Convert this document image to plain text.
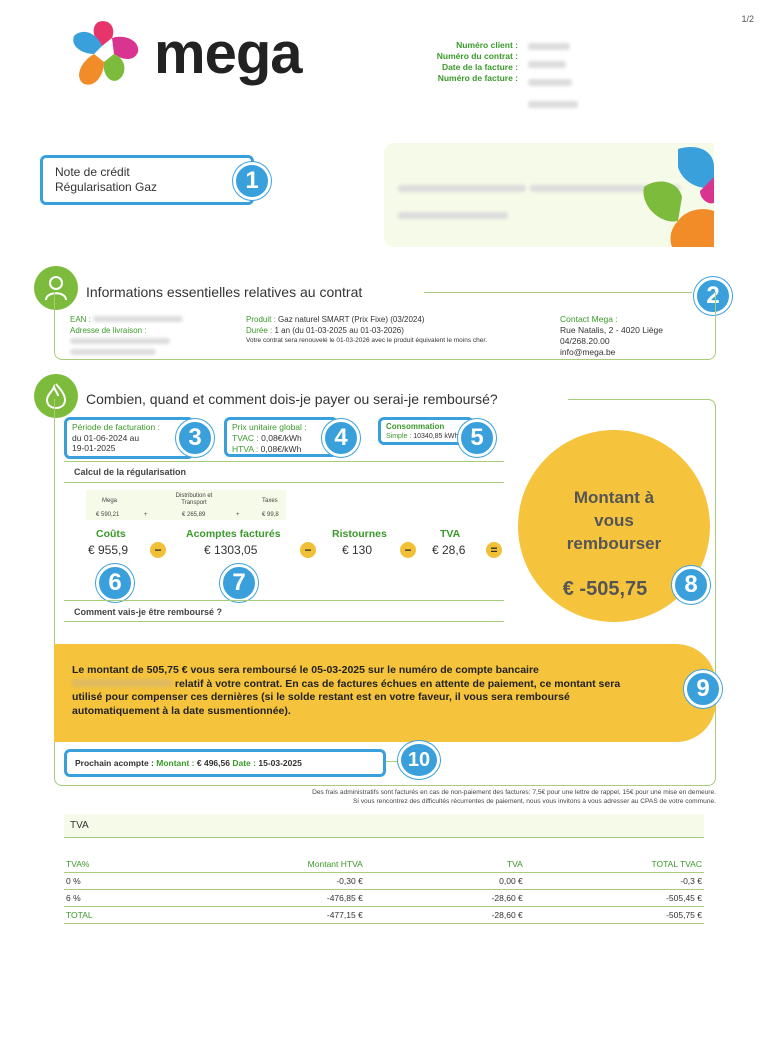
1/2
mega	Numéro client :
Numéro du contrat :
Date de la facture :
Numéro de facture :

Note de crédit
Régularisation Gaz	1

Informations essentielles relatives au contrat	2
EAN :
Adresse de livraison :
Produit : Gaz naturel SMART (Prix Fixe) (03/2024)
Durée : 1 an (du 01-03-2025 au 01-03-2026)
Votre contrat sera renouvelé le 01-03-2026 avec le produit équivalent le moins cher.
Contact Mega :
Rue Natalis, 2 - 4020 Liège
04/268.20.00
info@mega.be
Combien, quand et comment dois-je payer ou serai-je remboursé?
Période de facturation :
du 01-06-2024 au
19-01-2025	3	Prix unitaire global :
TVAC : 0,08€/kWh
HTVA : 0,08€/kWh	4	Consommation
Simple : 10340,85 kWh 5
Calcul de la régularisation
Mega
Distribution et Transport	Taxes
€ 590,21	+	€ 265,89	+	€ 99,8
Coûts
€ 955,9	−
Acomptes facturés
€ 1303,05	−
Ristournes
€ 130	−
TVA
€ 28,6	=
6	7
Comment vais-je être remboursé ?
Montant à vous rembourser
€ -505,75	8
Le montant de 505,75 € vous sera remboursé le 05-03-2025 sur le numéro de compte bancaire
relatif à votre contrat. En cas de factures échues en attente de paiement, ce montant sera utilisé pour compenser ces dernières (si le solde restant est en votre faveur, il vous sera remboursé automatiquement à la date susmentionnée).
9
Prochain acompte : Montant : € 496,56 Date : 15-03-2025	10
Des frais administratifs sont facturés en cas de non-paiement des factures: 7,5€ pour une lettre de rappel, 15€ pour une mise en demeure.
Si vous rencontrez des difficultés récurrentes de paiement, nous vous invitons à vous adresser au CPAS de votre commune.
TVA
TVA%	Montant HTVA	TVA	TOTAL TVAC
0 %	-0,30 €	0,00 €	-0,3 €
6 %	-476,85 €	-28,60 €	-505,45 €
TOTAL	-477,15 €	-28,60 €	-505,75 €
